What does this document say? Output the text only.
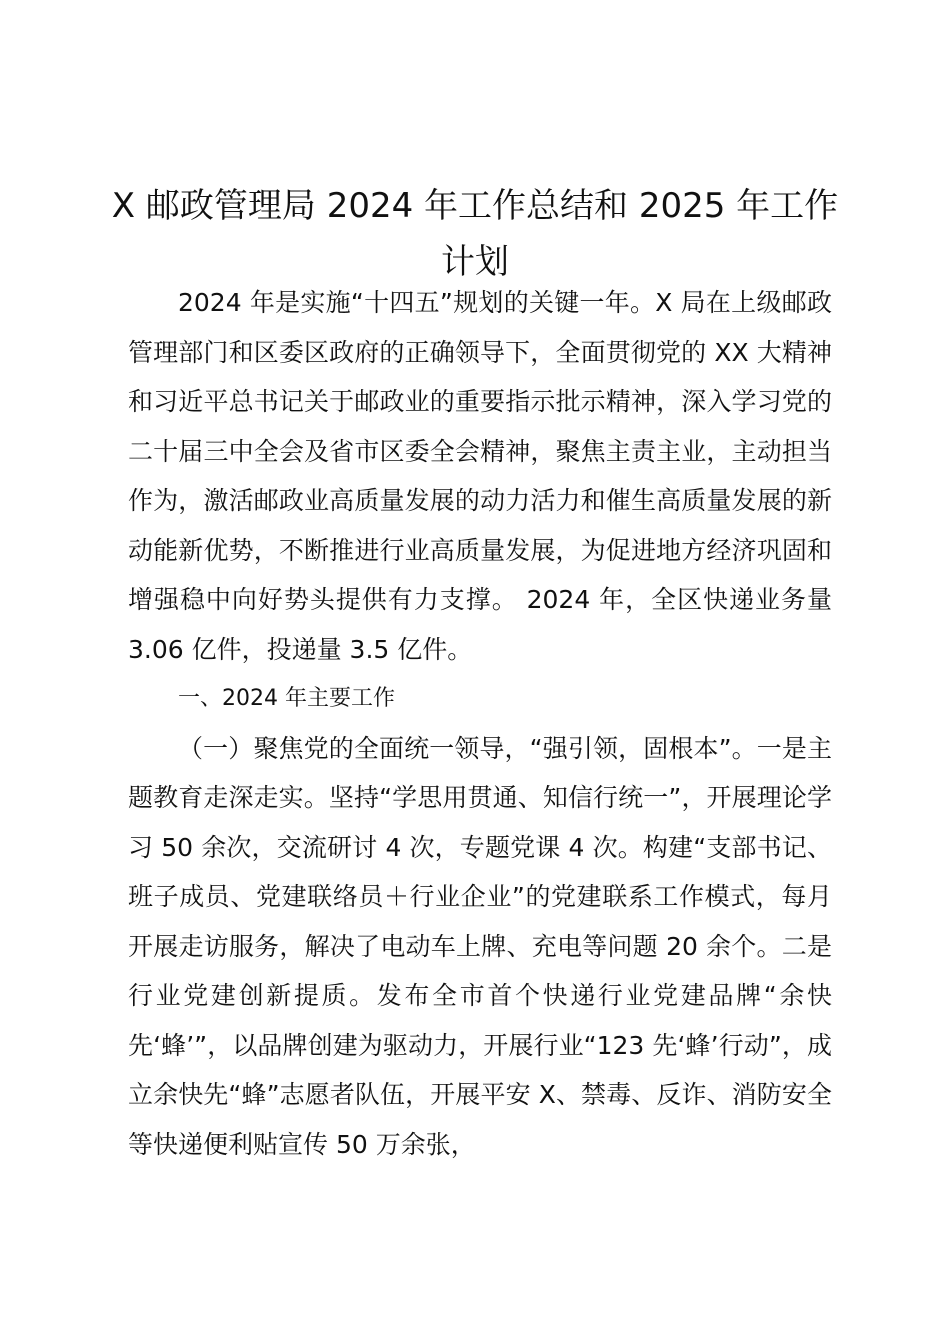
X 邮政管理局 2024 年工作总结和 2025 年工作计划

2024 年是实施“十四五”规划的关键一年。X 局在上级邮政管理部门和区委区政府的正确领导下，全面贯彻党的 XX 大精神和习近平总书记关于邮政业的重要指示批示精神，深入学习党的二十届三中全会及省市区委全会精神，聚焦主责主业，主动担当作为，激活邮政业高质量发展的动力活力和催生高质量发展的新动能新优势，不断推进行业高质量发展，为促进地方经济巩固和增强稳中向好势头提供有力支撑。 2024 年，全区快递业务量 3.06 亿件，投递量 3.5 亿件。

一、2024 年主要工作

（一）聚焦党的全面统一领导，“强引领，固根本”。一是主题教育走深走实。坚持“学思用贯通、知信行统一”，开展理论学习 50 余次，交流研讨 4 次，专题党课 4 次。构建“支部书记、班子成员、党建联络员＋行业企业”的党建联系工作模式，每月开展走访服务，解决了电动车上牌、充电等问题 20 余个。二是行业党建创新提质。发布全市首个快递行业党建品牌“余快先‘蜂’”，以品牌创建为驱动力，开展行业“123 先‘蜂’行动”，成立余快先“蜂”志愿者队伍，开展平安 X、禁毒、反诈、消防安全等快递便利贴宣传 50 万余张，
